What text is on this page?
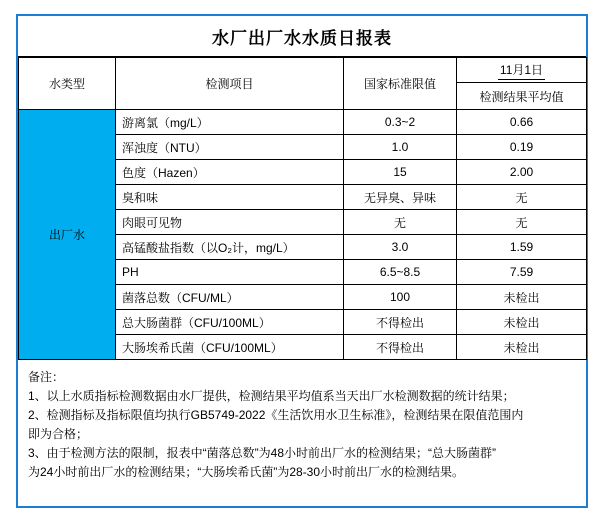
水厂出厂水水质日报表
水类型	检测项目	国家标准限值	11月1日
			检测结果平均值
出厂水	游离氯（mg/L）	0.3~2	0.66
	浑浊度（NTU）	1.0	0.19
	色度（Hazen）	15	2.00
	臭和味	无异臭、异味	无
	肉眼可见物	无	无
	高锰酸盐指数（以O₂计，mg/L）	3.0	1.59
	PH	6.5~8.5	7.59
	菌落总数（CFU/ML）	100	未检出
	总大肠菌群（CFU/100ML）	不得检出	未检出
	大肠埃希氏菌（CFU/100ML）	不得检出	未检出
备注：
1、以上水质指标检测数据由水厂提供，检测结果平均值系当天出厂水检测数据的统计结果；
2、检测指标及指标限值均执行GB5749-2022《生活饮用水卫生标准》，检测结果在限值范围内
即为合格；
3、由于检测方法的限制，报表中“菌落总数”为48小时前出厂水的检测结果；“总大肠菌群”
为24小时前出厂水的检测结果；“大肠埃希氏菌”为28-30小时前出厂水的检测结果。
